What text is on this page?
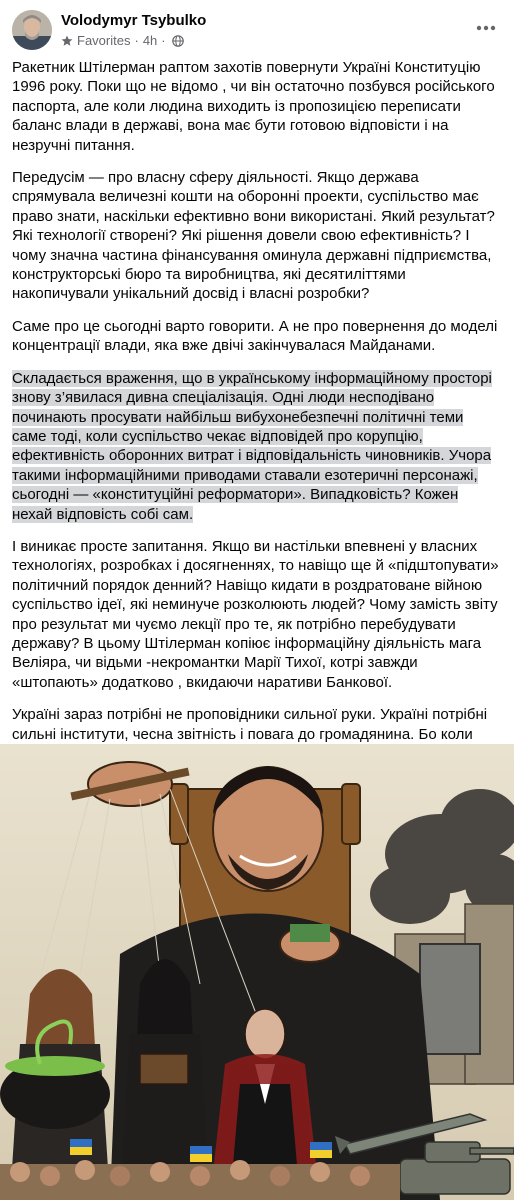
Volodymyr Tsybulko
Favorites · 4h ·

Ракетник Штілерман раптом захотів повернути Україні Конституцію 1996 року. Поки що не відомо , чи він остаточно позбувся російського паспорта, але коли людина виходить із пропозицією переписати баланс влади в державі, вона має бути готовою відповісти і на незручні питання.

Передусім — про власну сферу діяльності. Якщо держава спрямувала величезні кошти на оборонні проекти, суспільство має право знати, наскільки ефективно вони використані. Який результат? Які технології створені? Які рішення довели свою ефективність? І чому значна частина фінансування оминула державні підприємства, конструкторські бюро та виробництва, які десятиліттями накопичували унікальний досвід і власні розробки?

Саме про це сьогодні варто говорити. А не про повернення до моделі концентрації влади, яка вже двічі закінчувалася Майданами.

Складається враження, що в українському інформаційному просторі знову з’явилася дивна спеціалізація. Одні люди несподівано починають просувати найбільш вибухонебезпечні політичні теми саме тоді, коли суспільство чекає відповідей про корупцію, ефективність оборонних витрат і відповідальність чиновників. Учора такими інформаційними приводами ставали езотеричні персонажі, сьогодні — «конституційні реформатори». Випадковість? Кожен нехай відповість собі сам.

І виникає просте запитання. Якщо ви настільки впевнені у власних технологіях, розробках і досягненнях, то навіщо ще й «підштопувати» політичний порядок денний? Навіщо кидати в роздратоване війною суспільство ідеї, які неминуче розколюють людей? Чому замість звіту про результат ми чуємо лекції про те, як потрібно перебудувати державу? В цьому Штілерман копіює інформаційну діяльність мага Веліяра, чи відьми -некромантки Марії Тихої, котрі завжди «штопають» додатково , вкидаючи наративи Банкової.

Україні зараз потрібні не проповідники сильної руки. Україні потрібні сильні інститути, чесна звітність і повага до громадянина. Бо коли
